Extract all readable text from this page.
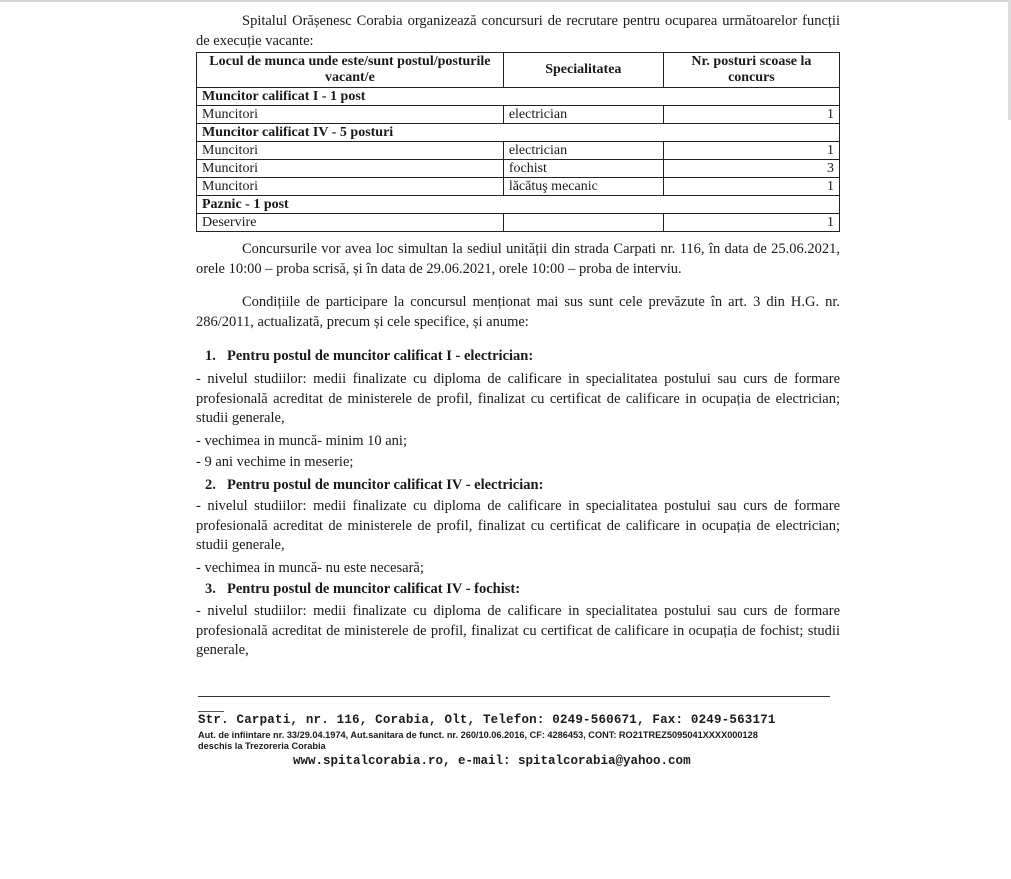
Spitalul Orășenesc Corabia organizează concursuri de recrutare pentru ocuparea următoarelor funcții de execuție vacante:

Locul de munca unde este/sunt postul/posturile vacant/e	Specialitatea	Nr. posturi scoase la concurs
Muncitor calificat I - 1 post		
Muncitori	electrician	1
Muncitor calificat IV - 5 posturi		
Muncitori	electrician	1
Muncitori	fochist	3
Muncitori	lăcătuş mecanic	1
Paznic - 1 post		
Deservire		1

Concursurile vor avea loc simultan la sediul unității din strada Carpati nr. 116, în data de 25.06.2021, orele 10:00 – proba scrisă, și în data de 29.06.2021, orele 10:00 – proba de interviu.

Condițiile de participare la concursul menționat mai sus sunt cele prevăzute în art. 3 din H.G. nr. 286/2011, actualizată, precum și cele specifice, și anume:

1. Pentru postul de muncitor calificat I - electrician:

- nivelul studiilor: medii finalizate cu diploma de calificare in specialitatea postului sau curs de formare profesională acreditat de ministerele de profil, finalizat cu certificat de calificare in ocupația de electrician; studii generale,

- vechimea in muncă- minim 10 ani;

- 9 ani vechime in meserie;

2. Pentru postul de muncitor calificat IV - electrician:

- nivelul studiilor: medii finalizate cu diploma de calificare in specialitatea postului sau curs de formare profesională acreditat de ministerele de profil, finalizat cu certificat de calificare in ocupația de electrician; studii generale,

- vechimea in muncă- nu este necesară;

3. Pentru postul de muncitor calificat IV - fochist:

- nivelul studiilor: medii finalizate cu diploma de calificare in specialitatea postului sau curs de formare profesională acreditat de ministerele de profil, finalizat cu certificat de calificare in ocupația de fochist; studii generale,

Str. Carpati, nr. 116, Corabia, Olt, Telefon: 0249-560671, Fax: 0249-563171
Aut. de infiintare nr. 33/29.04.1974, Aut.sanitara de funct. nr. 260/10.06.2016, CF: 4286453, CONT: RO21TREZ5095041XXXX000128
deschis la Trezoreria Corabia
www.spitalcorabia.ro, e-mail: spitalcorabia@yahoo.com
